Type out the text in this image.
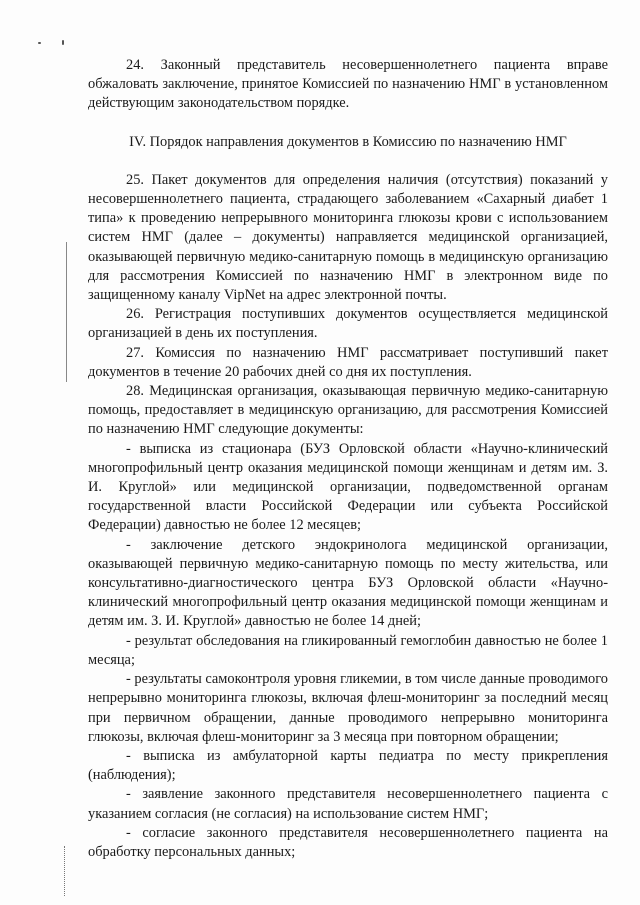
24. Законный представитель несовершеннолетнего пациента вправе обжаловать заключение, принятое Комиссией по назначению НМГ в установленном действующим законодательством порядке.

IV. Порядок направления документов в Комиссию по назначению НМГ

25. Пакет документов для определения наличия (отсутствия) показаний у несовершеннолетнего пациента, страдающего заболеванием «Сахарный диабет 1 типа» к проведению непрерывного мониторинга глюкозы крови с использованием систем НМГ (далее – документы) направляется медицинской организацией, оказывающей первичную медико-санитарную помощь в медицинскую организацию для рассмотрения Комиссией по назначению НМГ в электронном виде по защищенному каналу VipNet на адрес электронной почты.

26. Регистрация поступивших документов осуществляется медицинской организацией в день их поступления.

27. Комиссия по назначению НМГ рассматривает поступивший пакет документов в течение 20 рабочих дней со дня их поступления.

28. Медицинская организация, оказывающая первичную медико-санитарную помощь, предоставляет в медицинскую организацию, для рассмотрения Комиссией по назначению НМГ следующие документы:

- выписка из стационара (БУЗ Орловской области «Научно-клинический многопрофильный центр оказания медицинской помощи женщинам и детям им. З. И. Круглой» или медицинской организации, подведомственной органам государственной власти Российской Федерации или субъекта Российской Федерации) давностью не более 12 месяцев;

- заключение детского эндокринолога медицинской организации, оказывающей первичную медико-санитарную помощь по месту жительства, или консультативно-диагностического центра БУЗ Орловской области «Научно-клинический многопрофильный центр оказания медицинской помощи женщинам и детям им. З. И. Круглой» давностью не более 14 дней;

- результат обследования на гликированный гемоглобин давностью не более 1 месяца;

- результаты самоконтроля уровня гликемии, в том числе данные проводимого непрерывно мониторинга глюкозы, включая флеш-мониторинг за последний месяц при первичном обращении, данные проводимого непрерывно мониторинга глюкозы, включая флеш-мониторинг за 3 месяца при повторном обращении;

- выписка из амбулаторной карты педиатра по месту прикрепления (наблюдения);

- заявление законного представителя несовершеннолетнего пациента с указанием согласия (не согласия) на использование систем НМГ;

- согласие законного представителя несовершеннолетнего пациента на обработку персональных данных;
